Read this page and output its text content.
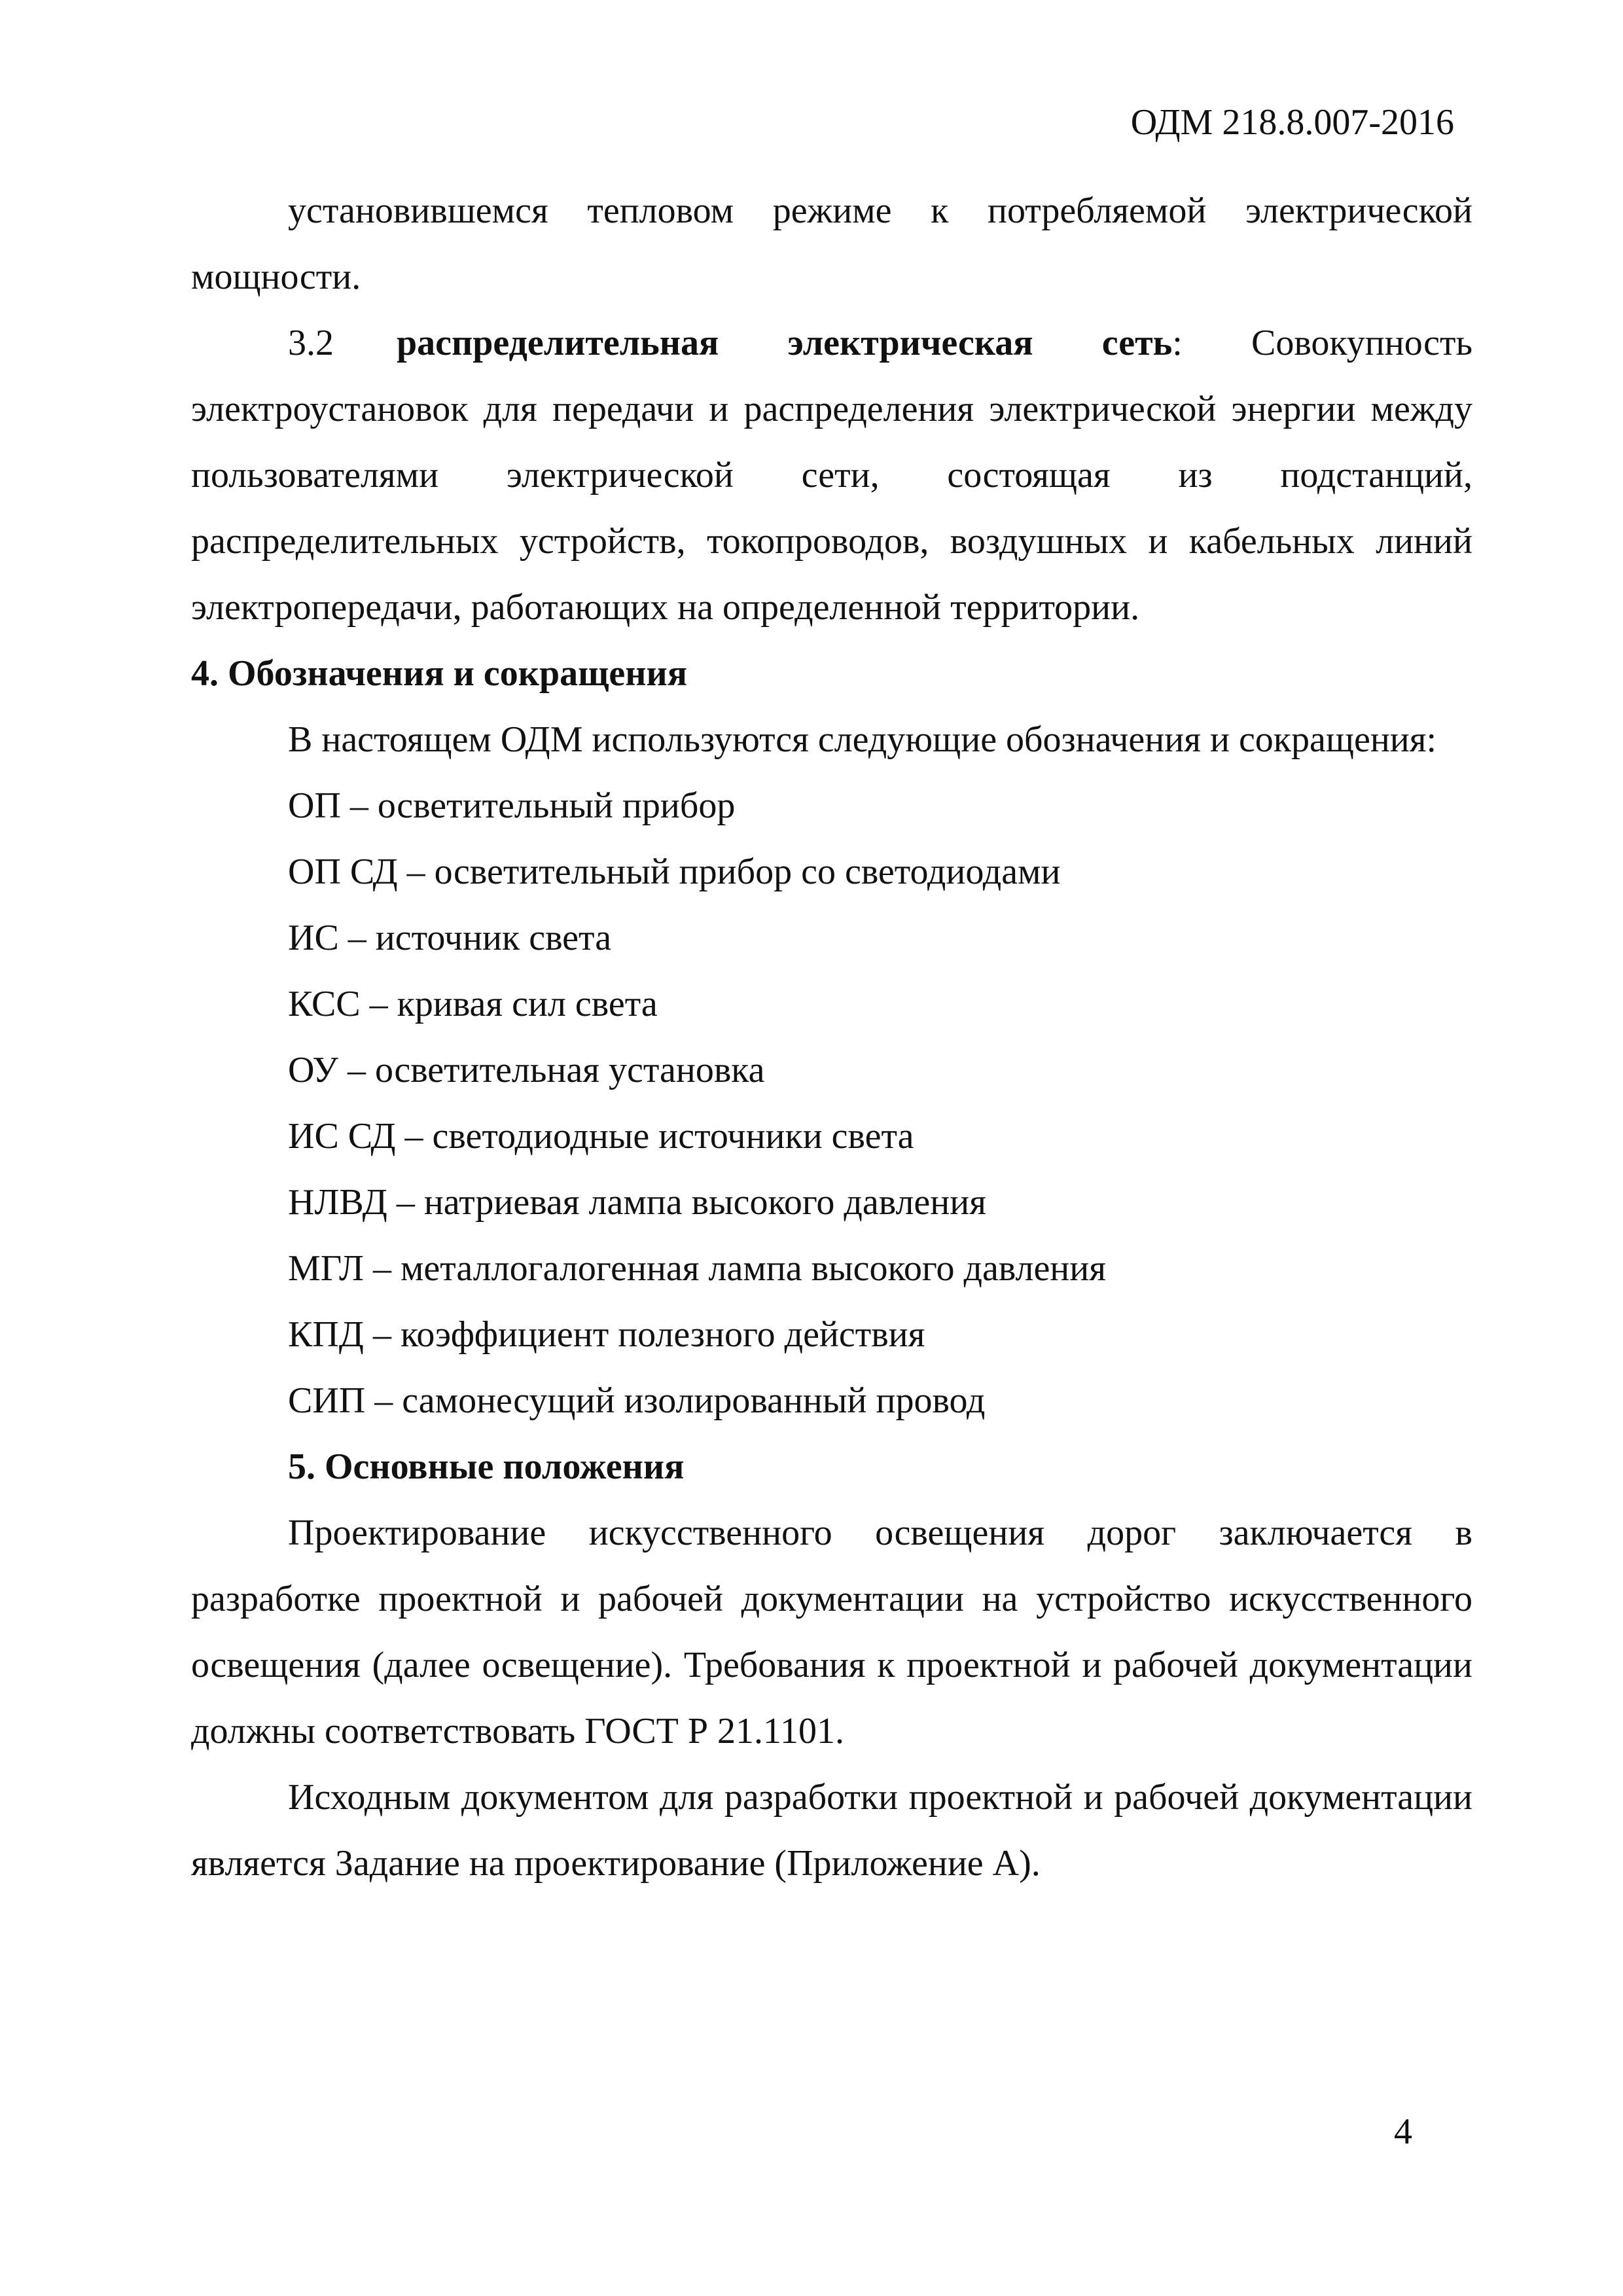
ОДМ 218.8.007-2016

установившемся тепловом режиме к потребляемой электрической мощности.

3.2 распределительная электрическая сеть: Совокупность электроустановок для передачи и распределения электрической энергии между пользователями электрической сети, состоящая из подстанций, распределительных устройств, токопроводов, воздушных и кабельных линий электропередачи, работающих на определенной территории.

4. Обозначения и сокращения

В настоящем ОДМ используются следующие обозначения и сокращения:

ОП – осветительный прибор

ОП СД – осветительный прибор со светодиодами

ИС – источник света

КСС – кривая сил света

ОУ – осветительная установка

ИС СД – светодиодные источники света

НЛВД – натриевая лампа высокого давления

МГЛ – металлогалогенная лампа высокого давления

КПД – коэффициент полезного действия

СИП – самонесущий изолированный провод

5. Основные положения

Проектирование искусственного освещения дорог заключается в разработке проектной и рабочей документации на устройство искусственного освещения (далее освещение). Требования к проектной и рабочей документации должны соответствовать ГОСТ Р 21.1101.

Исходным документом для разработки проектной и рабочей документации является Задание на проектирование (Приложение А).

4
